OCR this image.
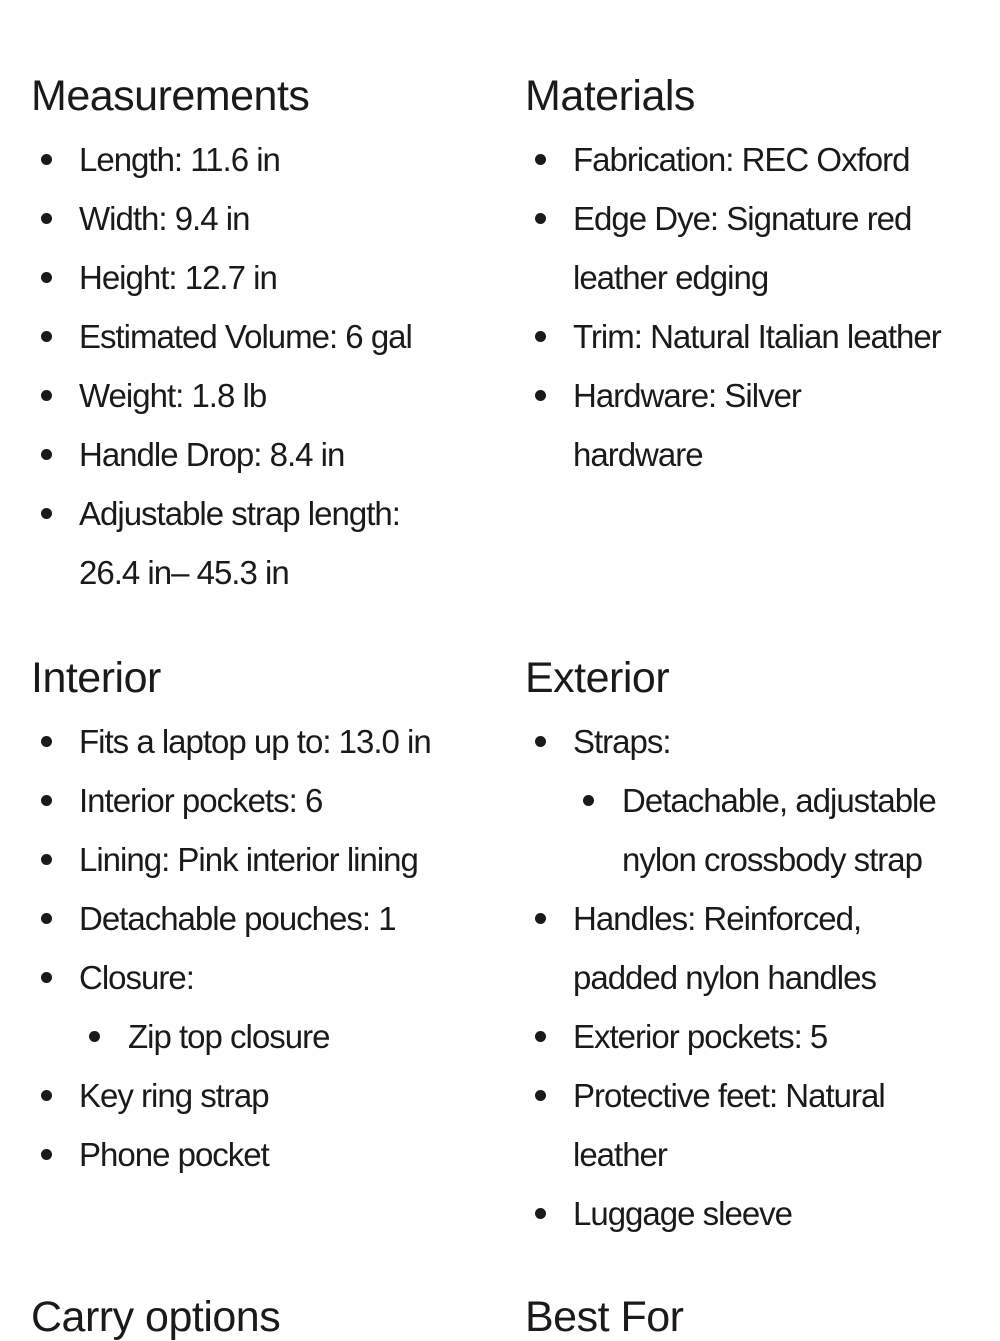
Measurements
Length: 11.6 in
Width: 9.4 in
Height: 12.7 in
Estimated Volume: 6 gal
Weight: 1.8 lb
Handle Drop: 8.4 in
Adjustable strap length: 26.4 in– 45.3 in
Materials
Fabrication: REC Oxford
Edge Dye: Signature red leather edging
Trim: Natural Italian leather
Hardware: Silver hardware
Interior
Fits a laptop up to: 13.0 in
Interior pockets: 6
Lining: Pink interior lining
Detachable pouches: 1
Closure:
Zip top closure
Key ring strap
Phone pocket
Exterior
Straps:
Detachable, adjustable nylon crossbody strap
Handles: Reinforced, padded nylon handles
Exterior pockets: 5
Protective feet: Natural leather
Luggage sleeve
Carry options	Best For
